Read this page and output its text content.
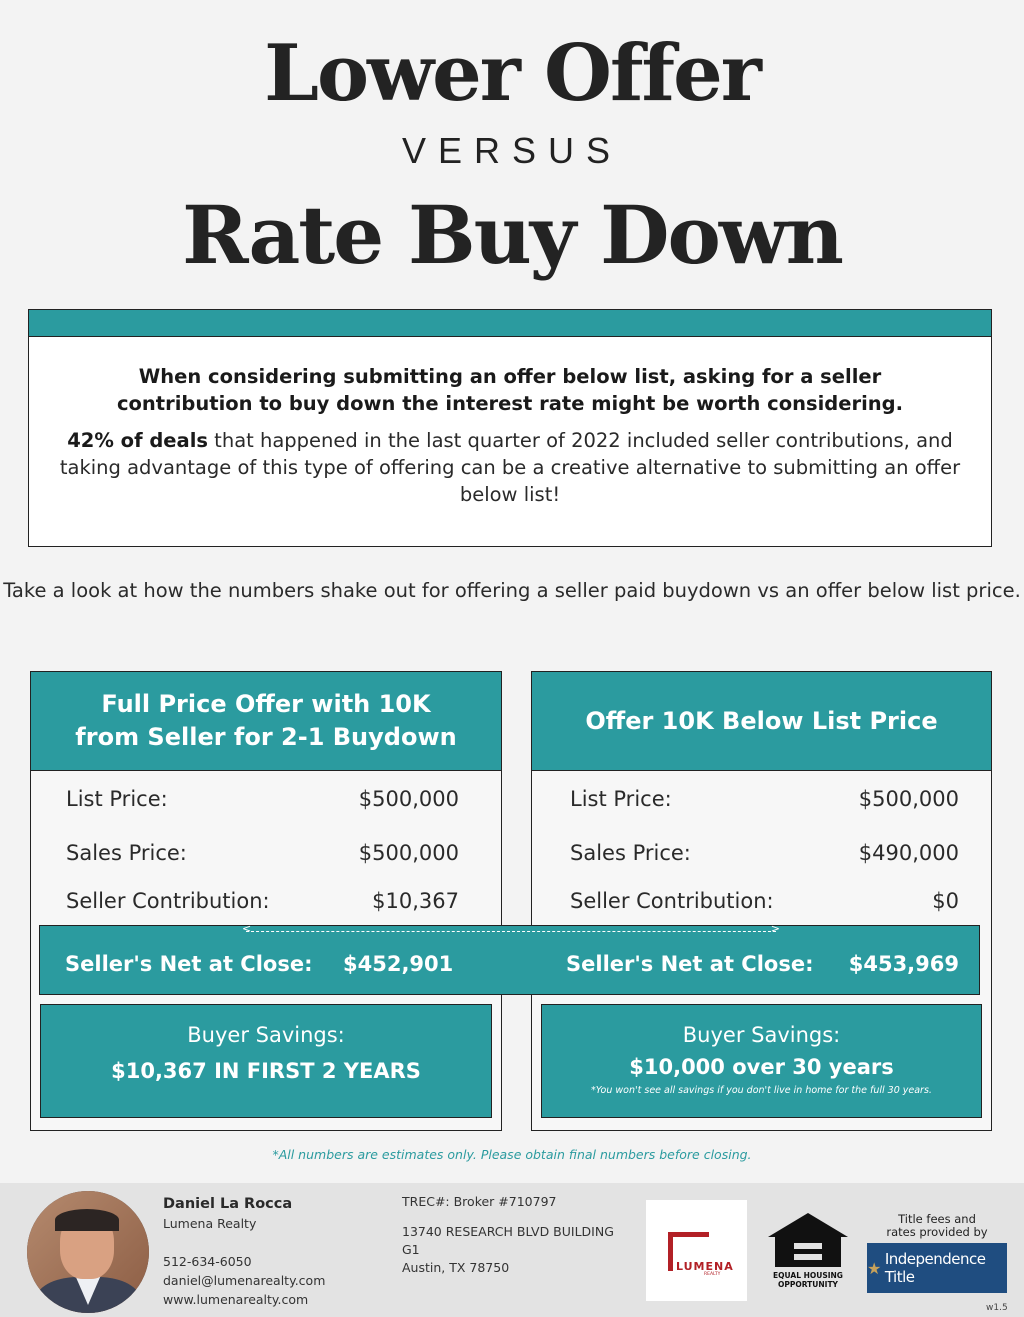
Lower Offer
VERSUS
Rate Buy Down
When considering submitting an offer below list, asking for a seller contribution to buy down the interest rate might be worth considering.
42% of deals that happened in the last quarter of 2022 included seller contributions, and taking advantage of this type of offering can be a creative alternative to submitting an offer below list!
Take a look at how the numbers shake out for offering a seller paid buydown vs an offer below list price.
Full Price Offer with 10K from Seller for 2-1 Buydown
List Price:	$500,000
Sales Price:	$500,000
Seller Contribution:	$10,367
Offer 10K Below List Price
List Price:	$500,000
Sales Price:	$490,000
Seller Contribution:	$0
< >
Seller's Net at Close: $452,901	Seller's Net at Close: $453,969
Buyer Savings:
$10,367 IN FIRST 2 YEARS
Buyer Savings:
$10,000 over 30 years
*You won't see all savings if you don't live in home for the full 30 years.
*All numbers are estimates only. Please obtain final numbers before closing.
Daniel La Rocca
Lumena Realty
512-634-6050
daniel@lumenarealty.com
www.lumenarealty.com
TREC#: Broker #710797
13740 RESEARCH BLVD BUILDING
G1
Austin, TX 78750	LUMENA
REALTY	EQUAL HOUSING
OPPORTUNITY
Title fees and
rates provided by
★ Independence Title
w1.5
